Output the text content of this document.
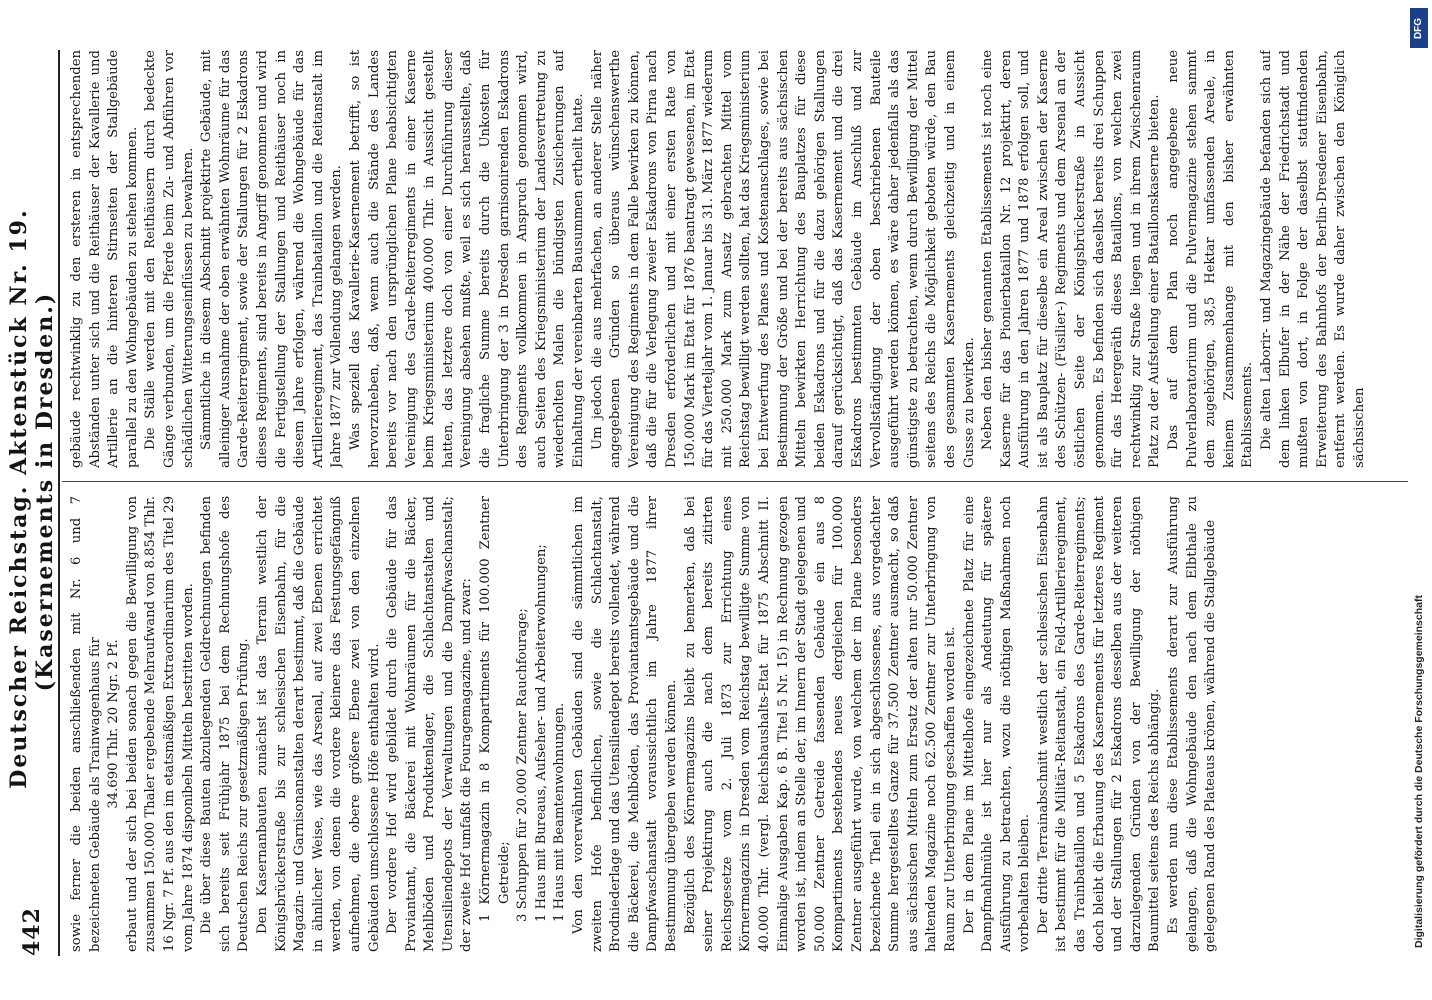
442
Deutscher Reichstag. Aktenstück Nr. 19. (Kasernements in Dresden.)

sowie ferner die beiden anschließenden mit Nr. 6 und 7 bezeichneten Gebäude als Trainwagenhaus für 34.690 Thlr. 20 Ngr. 2 Pf. erbaut und der sich bei beiden sonach gegen die Bewilligung von zusammen 150.000 Thaler ergebende Mehraufwand von 8.854 Thlr. 16 Ngr. 7 Pf. aus den im etatsmäßigen Extraordinarium des Titel 29 vom Jahre 1874 disponibeln Mitteln bestritten worden. Die über diese Bauten abzulegenden Geldrechnungen befinden sich bereits seit Frühjahr 1875 bei dem Rechnungshofe des Deutschen Reichs zur gesetzmäßigen Prüfung. Den Kasernanbauten zunächst ist das Terrain westlich der Königsbrückerstraße bis zur schlesischen Eisenbahn, für die Magazin- und Garnisonanstalten derart bestimmt, daß die Gebäude in ähnlicher Weise, wie das Arsenal, auf zwei Ebenen errichtet werden, von denen die vordere kleinere das Festungsgefängniß aufnehmen, die obere größere Ebene zwei von den einzelnen Gebäuden umschlossene Höfe enthalten wird. Der vordere Hof wird gebildet durch die Gebäude für das Proviantamt, die Bäckerei mit Wohnräumen für die Bäcker, Mehlböden und Produktenlager, die Schlachtanstalten und Utensiliendepots der Verwaltungen und die Dampfwaschanstalt; der zweite Hof umfaßt die Fouragemagazine, und zwar: 1 Körnermagazin in 8 Kompartiments für 100.000 Zentner Getreide; 3 Schuppen für 20.000 Zentner Rauchfourage; 1 Haus mit Bureaus, Aufseher- und Arbeiterwohnungen; 1 Haus mit Beamtenwohnungen. Von den vorerwähnten Gebäuden sind die sämmtlichen im zweiten Hofe befindlichen, sowie die Schlachtanstalt, Brodniederlage und das Utensiliendepot bereits vollendet, während die Bäckerei, die Mehlböden, das Proviantamtsgebäude und die Dampfwaschanstalt voraussichtlich im Jahre 1877 ihrer Bestimmung übergeben werden können. Bezüglich des Körnermagazins bleibt zu bemerken, daß bei seiner Projektirung auch die nach dem bereits zitirten Reichsgesetze vom 2. Juli 1873 zur Errichtung eines Körnermagazins in Dresden vom Reichstag bewilligte Summe von 40.000 Thlr. (vergl. Reichshaushalts-Etat für 1875 Abschnitt II. Einmalige Ausgaben Kap. 6 B. Titel 5 Nr. 15) in Rechnung gezogen worden ist, indem an Stelle der, im Innern der Stadt gelegenen und 50.000 Zentner Getreide fassenden Gebäude ein aus 8 Kompartiments bestehendes neues dergleichen für 100.000 Zentner ausgeführt wurde, von welchem der im Plane besonders bezeichnete Theil ein in sich abgeschlossenes, aus vorgedachter Summe hergestelltes Ganze für 37.500 Zentner ausmacht, so daß aus sächsischen Mitteln zum Ersatz der alten nur 50.000 Zentner haltenden Magazine noch 62.500 Zentner zur Unterbringung von Raum zur Unterbringung geschaffen worden ist. Der in dem Plane im Mittelhofe eingezeichnete Platz für eine Dampfmahlmühle ist hier nur als Andeutung für spätere Ausführung zu betrachten, wozu die nöthigen Maßnahmen noch vorbehalten bleiben. Der dritte Terrainabschnitt westlich der schlesischen Eisenbahn ist bestimmt für die Militär-Reitanstalt, ein Feld-Artillerieregiment, das Trainbataillon und 5 Eskadrons des Garde-Reiterregiments; doch bleibt die Erbauung des Kasernements für letzteres Regiment und der Stallungen für 2 Eskadrons desselben aus der weiteren darzulegenden Gründen von der Bewilligung der nöthigen Baumittel seitens des Reichs abhängig. Es werden nun diese Etablissements derart zur Ausführung gelangen, daß die Wohngebäude den nach dem Elbthale zu gelegenen Rand des Plateaus krönen, während die Stallgebäude

gebäude rechtwinklig zu den ersteren in entsprechenden Abständen unter sich und die Reithäuser der Kavallerie und Artillerie an die hinteren Stirnseiten der Stallgebäude parallel zu den Wohngebäuden zu stehen kommen. Die Ställe werden mit den Reithäusern durch bedeckte Gänge verbunden, um die Pferde beim Zu- und Abführen vor schädlichen Witterungseinflüssen zu bewahren. Sämmtliche in diesem Abschnitt projektirte Gebäude, mit alleiniger Ausnahme der oben erwähnten Wohnräume für das Garde-Reiterregiment, sowie der Stallungen für 2 Eskadrons dieses Regiments, sind bereits in Angriff genommen und wird die Fertigstellung der Stallungen und Reithäuser noch in diesem Jahre erfolgen, während die Wohngebäude für das Artillerieregiment, das Trainbataillon und die Reitanstalt im Jahre 1877 zur Vollendung gelangen werden. Was speziell das Kavallerie-Kasernement betrifft, so ist hervorzuheben, daß, wenn auch die Stände des Landes bereits vor nach den ursprünglichen Plane beabsichtigten Vereinigung des Garde-Reiterregiments in einer Kaserne beim Kriegsministerium 400.000 Thlr. in Aussicht gestellt hatten, das letztere doch von einer Durchführung dieser Vereinigung absehen mußte, weil es sich herausstellte, daß die fragliche Summe bereits durch die Unkosten für Unterbringung der 3 in Dresden garnisonirenden Eskadrons des Regiments vollkommen in Anspruch genommen wird, auch Seiten des Kriegsministerium der Landesvertretung zu wiederholten Malen die bündigsten Zusicherungen auf Einhaltung der vereinbarten Bausummen ertheilt hatte. Um jedoch die aus mehrfachen, an anderer Stelle näher angegebenen Gründen so überaus wünschenswerthe Vereinigung des Regiments in dem Falle bewirken zu können, daß die für die Verlegung zweier Eskadrons von Pirna nach Dresden erforderlichen und mit einer ersten Rate von 150.000 Mark im Etat für 1876 beantragt gewesenen, im Etat für das Vierteljahr vom 1. Januar bis 31. März 1877 wiederum mit 250.000 Mark zum Ansatz gebrachten Mittel vom Reichstag bewilligt werden sollten, hat das Kriegsministerium bei Entwerfung des Planes und Kostenanschlages, sowie bei Bestimmung der Größe und bei der bereits aus sächsischen Mitteln bewirkten Herrichtung des Bauplatzes für diese beiden Eskadrons und für die dazu gehörigen Stallungen darauf gerücksichtigt, daß das Kasernement und die drei Eskadrons bestimmten Gebäude im Anschluß und zur Vervollständigung der oben beschriebenen Bauteile ausgeführt werden können, es wäre daher jedenfalls als das günstigste zu betrachten, wenn durch Bewilligung der Mittel seitens des Reichs die Möglichkeit geboten würde, den Bau des gesammten Kasernements gleichzeitig und in einem Gusse zu bewirken. Neben den bisher genannten Etablissements ist noch eine Kaserne für das Pionierbataillon Nr. 12 projektirt, deren Ausführung in den Jahren 1877 und 1878 erfolgen soll, und ist als Bauplatz für dieselbe ein Areal zwischen der Kaserne des Schützen- (Füsilier-) Regiments und dem Arsenal an der östlichen Seite der Königsbrückerstraße in Aussicht genommen. Es befinden sich daselbst bereits drei Schuppen für das Heergeräth dieses Bataillons, von welchen zwei rechtwinklig zur Straße liegen und in ihrem Zwischenraum Platz zu der Aufstellung einer Bataillonskaserne bieten. Das auf dem Plan noch angegebene neue Pulverlaboratorium und die Pulvermagazine stehen sammt dem zugehörigen, 38,5 Hektar umfassenden Areale, in keinem Zusammenhange mit den bisher erwähnten Etablissements. Die alten Laborir- und Magazingebäude befanden sich auf dem linken Elbufer in der Nähe der Friedrichstadt und mußten von dort, in Folge der daselbst stattfindenden Erweiterung des Bahnhofs der Berlin-Dresdener Eisenbahn, entfernt werden. Es wurde daher zwischen den Königlich sächsischen

Digitalisierung gefördert durch die Deutsche Forschungsgemeinschaft
DFG
